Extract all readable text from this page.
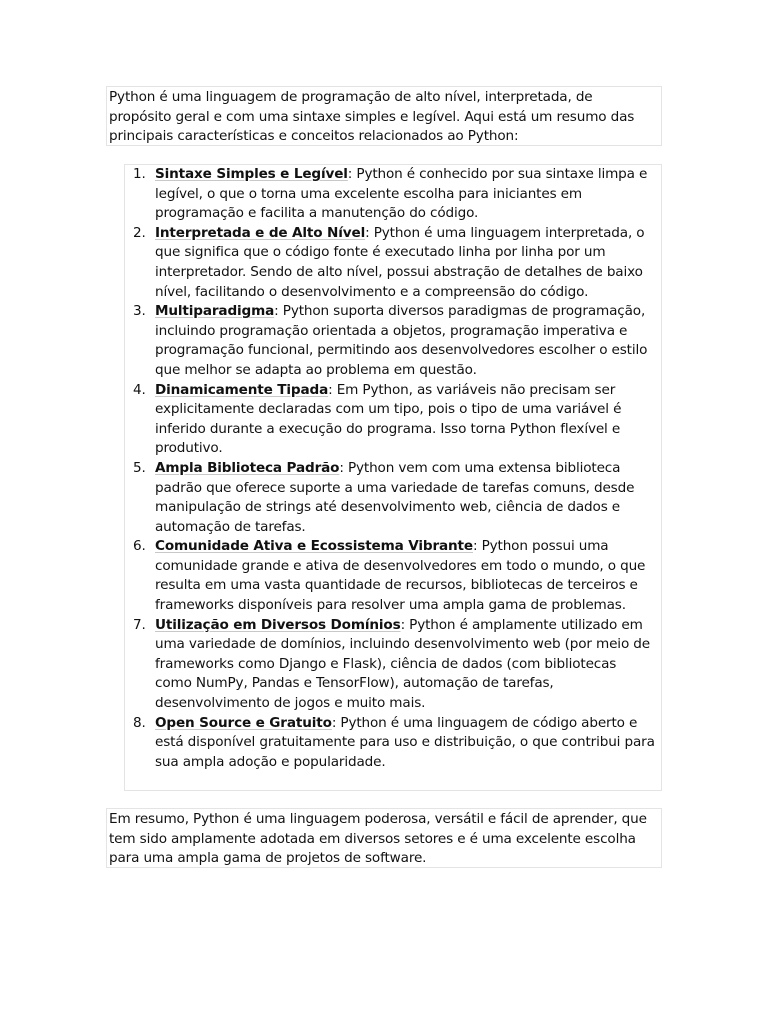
Python é uma linguagem de programação de alto nível, interpretada, de propósito geral e com uma sintaxe simples e legível. Aqui está um resumo das principais características e conceitos relacionados ao Python:

1. Sintaxe Simples e Legível: Python é conhecido por sua sintaxe limpa e legível, o que o torna uma excelente escolha para iniciantes em programação e facilita a manutenção do código.
2. Interpretada e de Alto Nível: Python é uma linguagem interpretada, o que significa que o código fonte é executado linha por linha por um interpretador. Sendo de alto nível, possui abstração de detalhes de baixo nível, facilitando o desenvolvimento e a compreensão do código.
3. Multiparadigma: Python suporta diversos paradigmas de programação, incluindo programação orientada a objetos, programação imperativa e programação funcional, permitindo aos desenvolvedores escolher o estilo que melhor se adapta ao problema em questão.
4. Dinamicamente Tipada: Em Python, as variáveis não precisam ser explicitamente declaradas com um tipo, pois o tipo de uma variável é inferido durante a execução do programa. Isso torna Python flexível e produtivo.
5. Ampla Biblioteca Padrão: Python vem com uma extensa biblioteca padrão que oferece suporte a uma variedade de tarefas comuns, desde manipulação de strings até desenvolvimento web, ciência de dados e automação de tarefas.
6. Comunidade Ativa e Ecossistema Vibrante: Python possui uma comunidade grande e ativa de desenvolvedores em todo o mundo, o que resulta em uma vasta quantidade de recursos, bibliotecas de terceiros e frameworks disponíveis para resolver uma ampla gama de problemas.
7. Utilização em Diversos Domínios: Python é amplamente utilizado em uma variedade de domínios, incluindo desenvolvimento web (por meio de frameworks como Django e Flask), ciência de dados (com bibliotecas como NumPy, Pandas e TensorFlow), automação de tarefas, desenvolvimento de jogos e muito mais.
8. Open Source e Gratuito: Python é uma linguagem de código aberto e está disponível gratuitamente para uso e distribuição, o que contribui para sua ampla adoção e popularidade.

Em resumo, Python é uma linguagem poderosa, versátil e fácil de aprender, que tem sido amplamente adotada em diversos setores e é uma excelente escolha para uma ampla gama de projetos de software.
